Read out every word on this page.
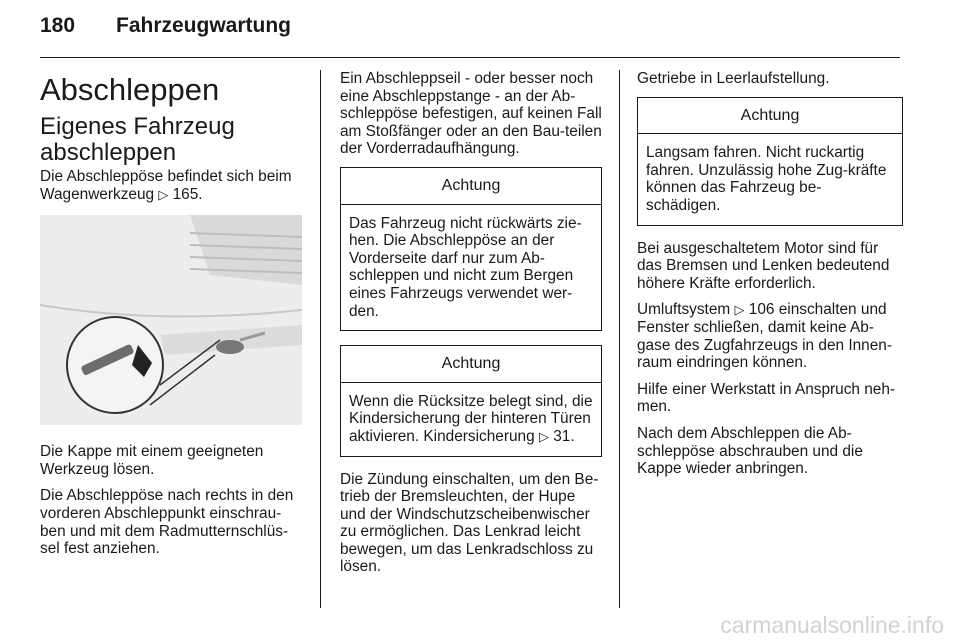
180 Fahrzeugwartung
Abschleppen
Eigenes Fahrzeug abschleppen

Die Abschleppöse befindet sich beim Wagenwerkzeug ▷ 165.

Die Kappe mit einem geeigneten Werkzeug lösen.

Die Abschleppöse nach rechts in den vorderen Abschleppunkt einschrau-ben und mit dem Radmutternschlüs-sel fest anziehen.

Ein Abschleppseil - oder besser noch eine Abschleppstange - an der Ab-schleppöse befestigen, auf keinen Fall am Stoßfänger oder an den Bau-teilen der Vorderradaufhängung.

Achtung
Das Fahrzeug nicht rückwärts zie-hen. Die Abschleppöse an der Vorderseite darf nur zum Ab-schleppen und nicht zum Bergen eines Fahrzeugs verwendet wer-den.
Achtung
Wenn die Rücksitze belegt sind, die Kindersicherung der hinteren Türen aktivieren. Kindersicherung ▷ 31.

Die Zündung einschalten, um den Be-trieb der Bremsleuchten, der Hupe und der Windschutzscheibenwischer zu ermöglichen. Das Lenkrad leicht bewegen, um das Lenkradschloss zu lösen.

Getriebe in Leerlaufstellung.

Achtung
Langsam fahren. Nicht ruckartig fahren. Unzulässig hohe Zug-kräfte können das Fahrzeug be-schädigen.

Bei ausgeschaltetem Motor sind für das Bremsen und Lenken bedeutend höhere Kräfte erforderlich.

Umluftsystem ▷ 106 einschalten und Fenster schließen, damit keine Ab-gase des Zugfahrzeugs in den Innen-raum eindringen können.

Hilfe einer Werkstatt in Anspruch neh-men.

Nach dem Abschleppen die Ab-schleppöse abschrauben und die Kappe wieder anbringen.

carmanualsonline.info
